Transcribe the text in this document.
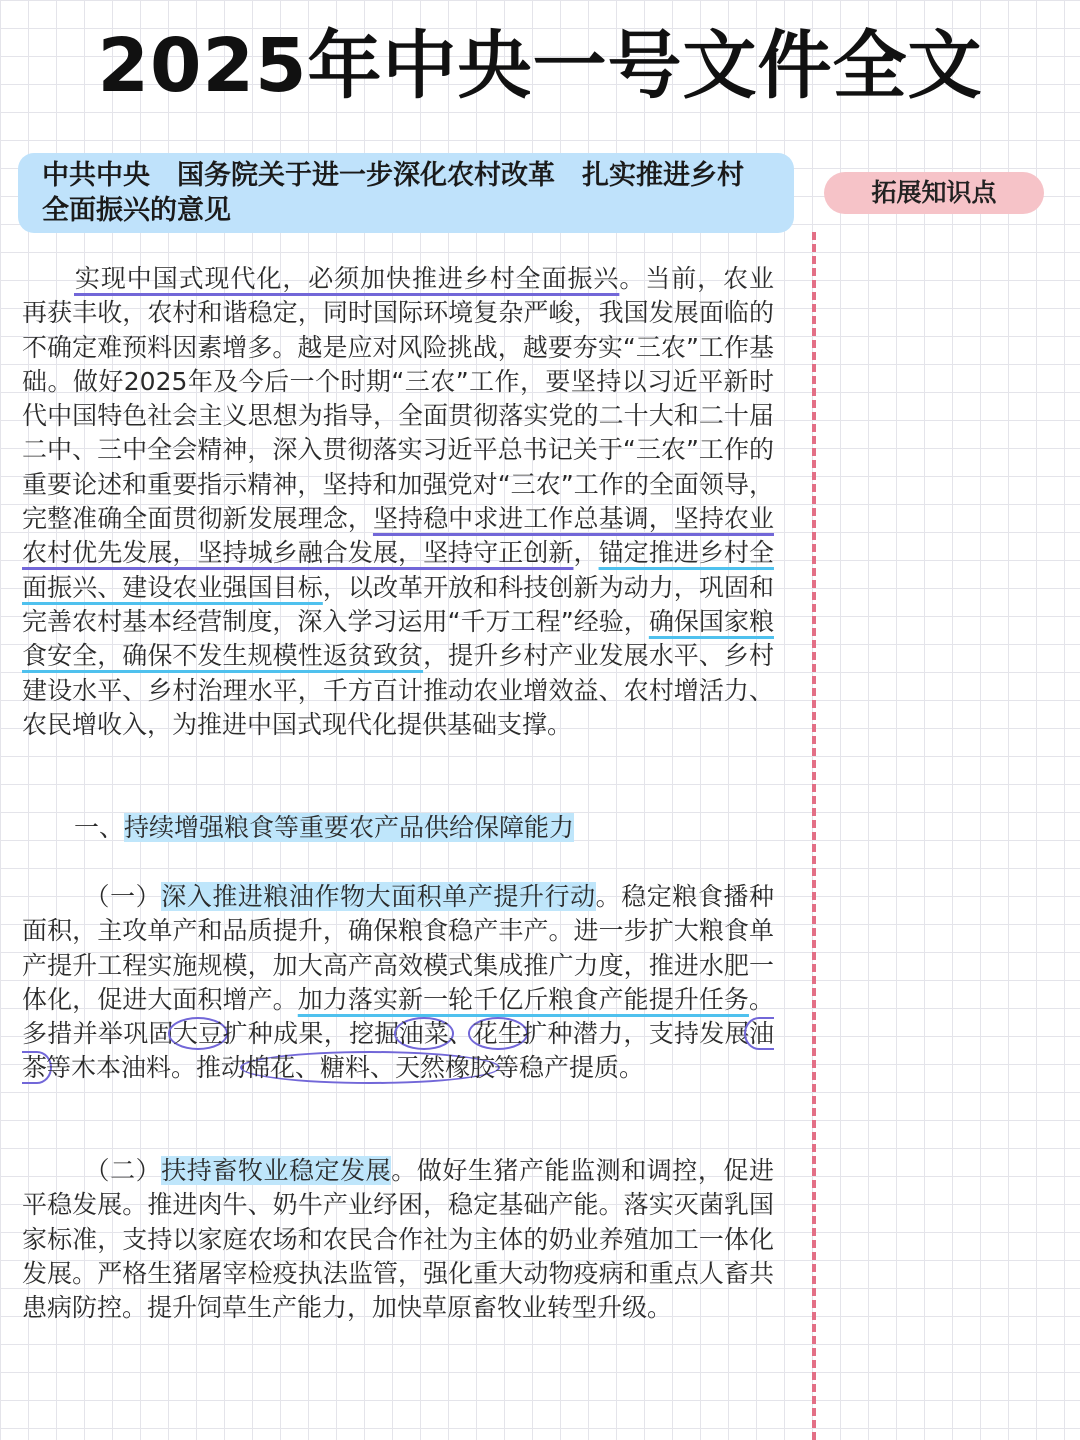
2025年中央一号文件全文
中共中央　国务院关于进一步深化农村改革　扎实推进乡村全面振兴的意见
拓展知识点

实现中国式现代化，必须加快推进乡村全面振兴。当前，农业再获丰收，农村和谐稳定，同时国际环境复杂严峻，我国发展面临的不确定难预料因素增多。越是应对风险挑战，越要夯实“三农”工作基础。做好2025年及今后一个时期“三农”工作，要坚持以习近平新时代中国特色社会主义思想为指导，全面贯彻落实党的二十大和二十届二中、三中全会精神，深入贯彻落实习近平总书记关于“三农”工作的重要论述和重要指示精神，坚持和加强党对“三农”工作的全面领导，完整准确全面贯彻新发展理念，坚持稳中求进工作总基调，坚持农业农村优先发展，坚持城乡融合发展，坚持守正创新，锚定推进乡村全面振兴、建设农业强国目标，以改革开放和科技创新为动力，巩固和完善农村基本经营制度，深入学习运用“千万工程”经验，确保国家粮食安全，确保不发生规模性返贫致贫，提升乡村产业发展水平、乡村建设水平、乡村治理水平，千方百计推动农业增效益、农村增活力、农民增收入，为推进中国式现代化提供基础支撑。

一、持续增强粮食等重要农产品供给保障能力

（一）深入推进粮油作物大面积单产提升行动。稳定粮食播种面积，主攻单产和品质提升，确保粮食稳产丰产。进一步扩大粮食单产提升工程实施规模，加大高产高效模式集成推广力度，推进水肥一体化，促进大面积增产。加力落实新一轮千亿斤粮食产能提升任务。多措并举巩固大豆扩种成果，挖掘油菜、花生扩种潜力，支持发展油茶等木本油料。推动棉花、糖料、天然橡胶等稳产提质。

（二）扶持畜牧业稳定发展。做好生猪产能监测和调控，促进平稳发展。推进肉牛、奶牛产业纾困，稳定基础产能。落实灭菌乳国家标准，支持以家庭农场和农民合作社为主体的奶业养殖加工一体化发展。严格生猪屠宰检疫执法监管，强化重大动物疫病和重点人畜共患病防控。提升饲草生产能力，加快草原畜牧业转型升级。
